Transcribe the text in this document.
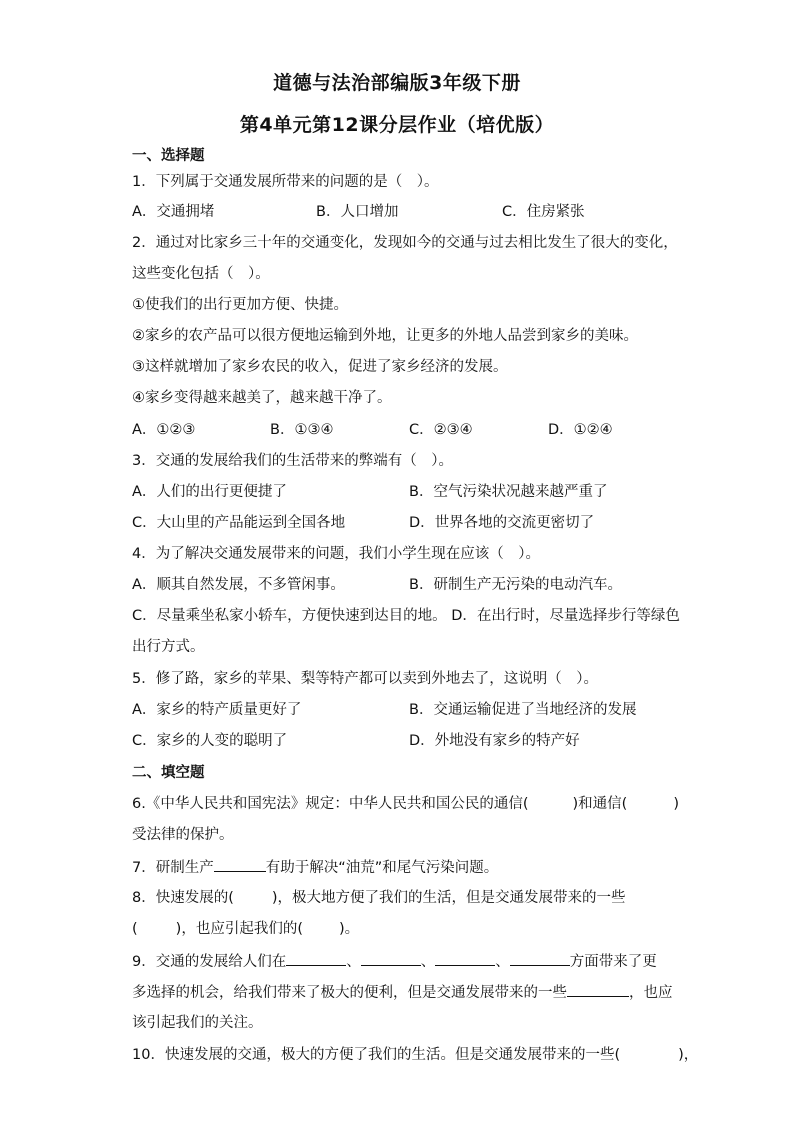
道德与法治部编版3年级下册
第4单元第12课分层作业（培优版）
一、选择题
1．下列属于交通发展所带来的问题的是（　）。
A．交通拥堵	B．人口增加	C．住房紧张
2．通过对比家乡三十年的交通变化，发现如今的交通与过去相比发生了很大的变化，
这些变化包括（　）。
①使我们的出行更加方便、快捷。
②家乡的农产品可以很方便地运输到外地，让更多的外地人品尝到家乡的美味。
③这样就增加了家乡农民的收入，促进了家乡经济的发展。
④家乡变得越来越美了，越来越干净了。
A．①②③	B．①③④	C．②③④	D．①②④
3．交通的发展给我们的生活带来的弊端有（　）。
A．人们的出行更便捷了	B．空气污染状况越来越严重了
C．大山里的产品能运到全国各地	D．世界各地的交流更密切了
4．为了解决交通发展带来的问题，我们小学生现在应该（　）。
A．顺其自然发展，不多管闲事。	B．研制生产无污染的电动汽车。
C．尽量乘坐私家小轿车，方便快速到达目的地。 D．在出行时，尽量选择步行等绿色
出行方式。
5．修了路，家乡的苹果、梨等特产都可以卖到外地去了，这说明（　）。
A．家乡的特产质量更好了	B．交通运输促进了当地经济的发展
C．家乡的人变的聪明了	D．外地没有家乡的特产好
二、填空题
6.《中华人民共和国宪法》规定：中华人民共和国公民的通信(	)和通信(	)
受法律的保护。
7．研制生产	有助于解决“油荒”和尾气污染问题。
8．快速发展的(	)，极大地方便了我们的生活，但是交通发展带来的一些
(	)，也应引起我们的( )。
9．交通的发展给人们在	、	、	、	方面带来了更
多选择的机会，给我们带来了极大的便利，但是交通发展带来的一些	，也应
该引起我们的关注。
10．快速发展的交通，极大的方便了我们的生活。但是交通发展带来的一些(	)，
